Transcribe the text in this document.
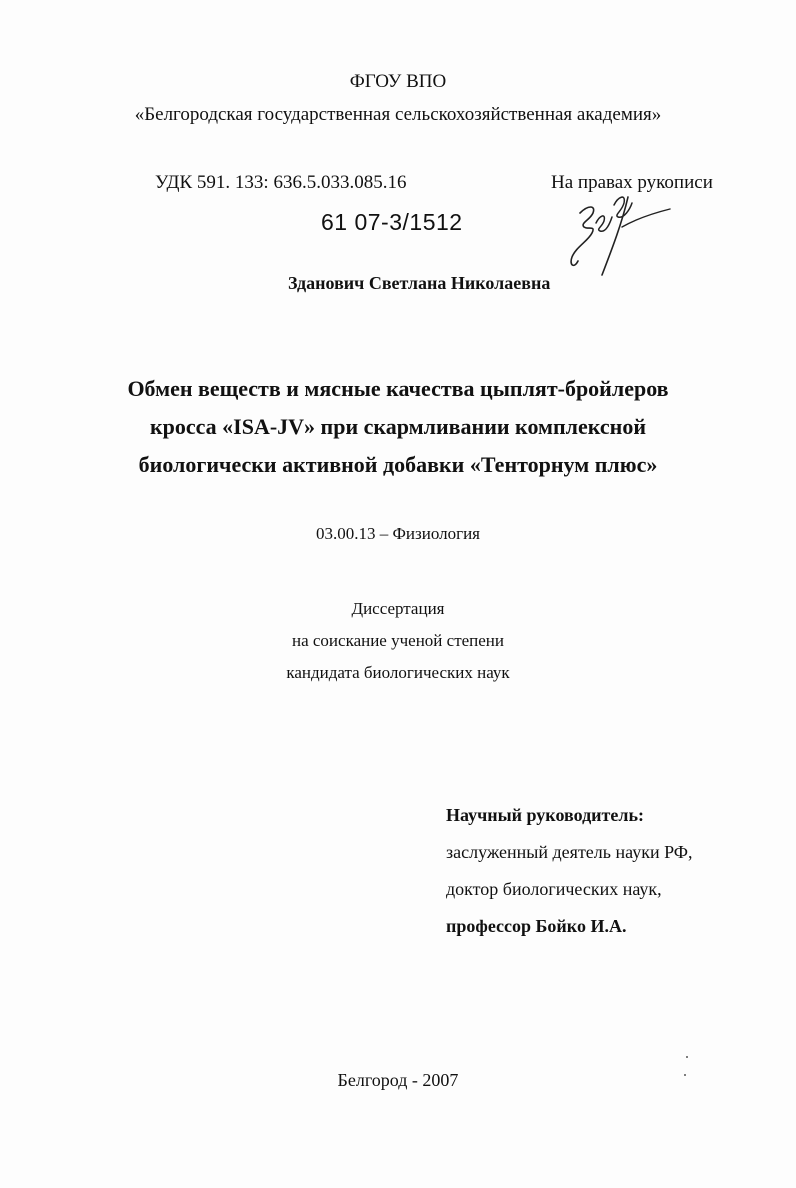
ФГОУ ВПО
«Белгородская государственная сельскохозяйственная академия»
УДК 591. 133: 636.5.033.085.16	На правах рукописи
61 07-3/1512
Зданович Светлана Николаевна
Обмен веществ и мясные качества цыплят-бройлеров
кросса «ISA-JV» при скармливании комплексной
биологически активной добавки «Тенторнум плюс»
03.00.13 – Физиология
Диссертация
на соискание ученой степени
кандидата биологических наук
Научный руководитель:
заслуженный деятель науки РФ,
доктор биологических наук,
профессор Бойко И.А.
Белгород - 2007
